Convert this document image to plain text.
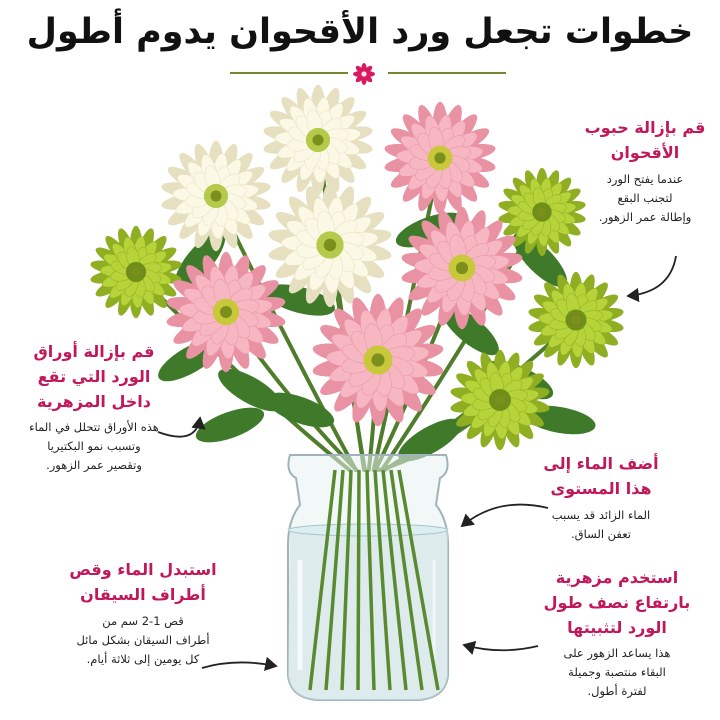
خطوات تجعل ورد الأقحوان يدوم أطول
قم بإزالة حبوب
الأقحوان

عندما يفتح الورد
لتجنب البقع
وإطالة عمر الزهور.

قم بإزالة أوراق
الورد التي تقع
داخل المزهرية

هذه الأوراق تتحلل في الماء
وتسبب نمو البكتيريا
وتقصير عمر الزهور.	أضف الماء إلى
هذا المستوى

الماء الزائد قد يسبب
تعفن الساق.

استبدل الماء وقص
أطراف السيقان

قص 1-2 سم من
أطراف السيقان بشكل مائل
كل يومين إلى ثلاثة أيام.

استخدم مزهرية
بارتفاع نصف طول
الورد لتثبيتها

هذا يساعد الزهور على
البقاء منتصبة وجميلة
لفترة أطول.
